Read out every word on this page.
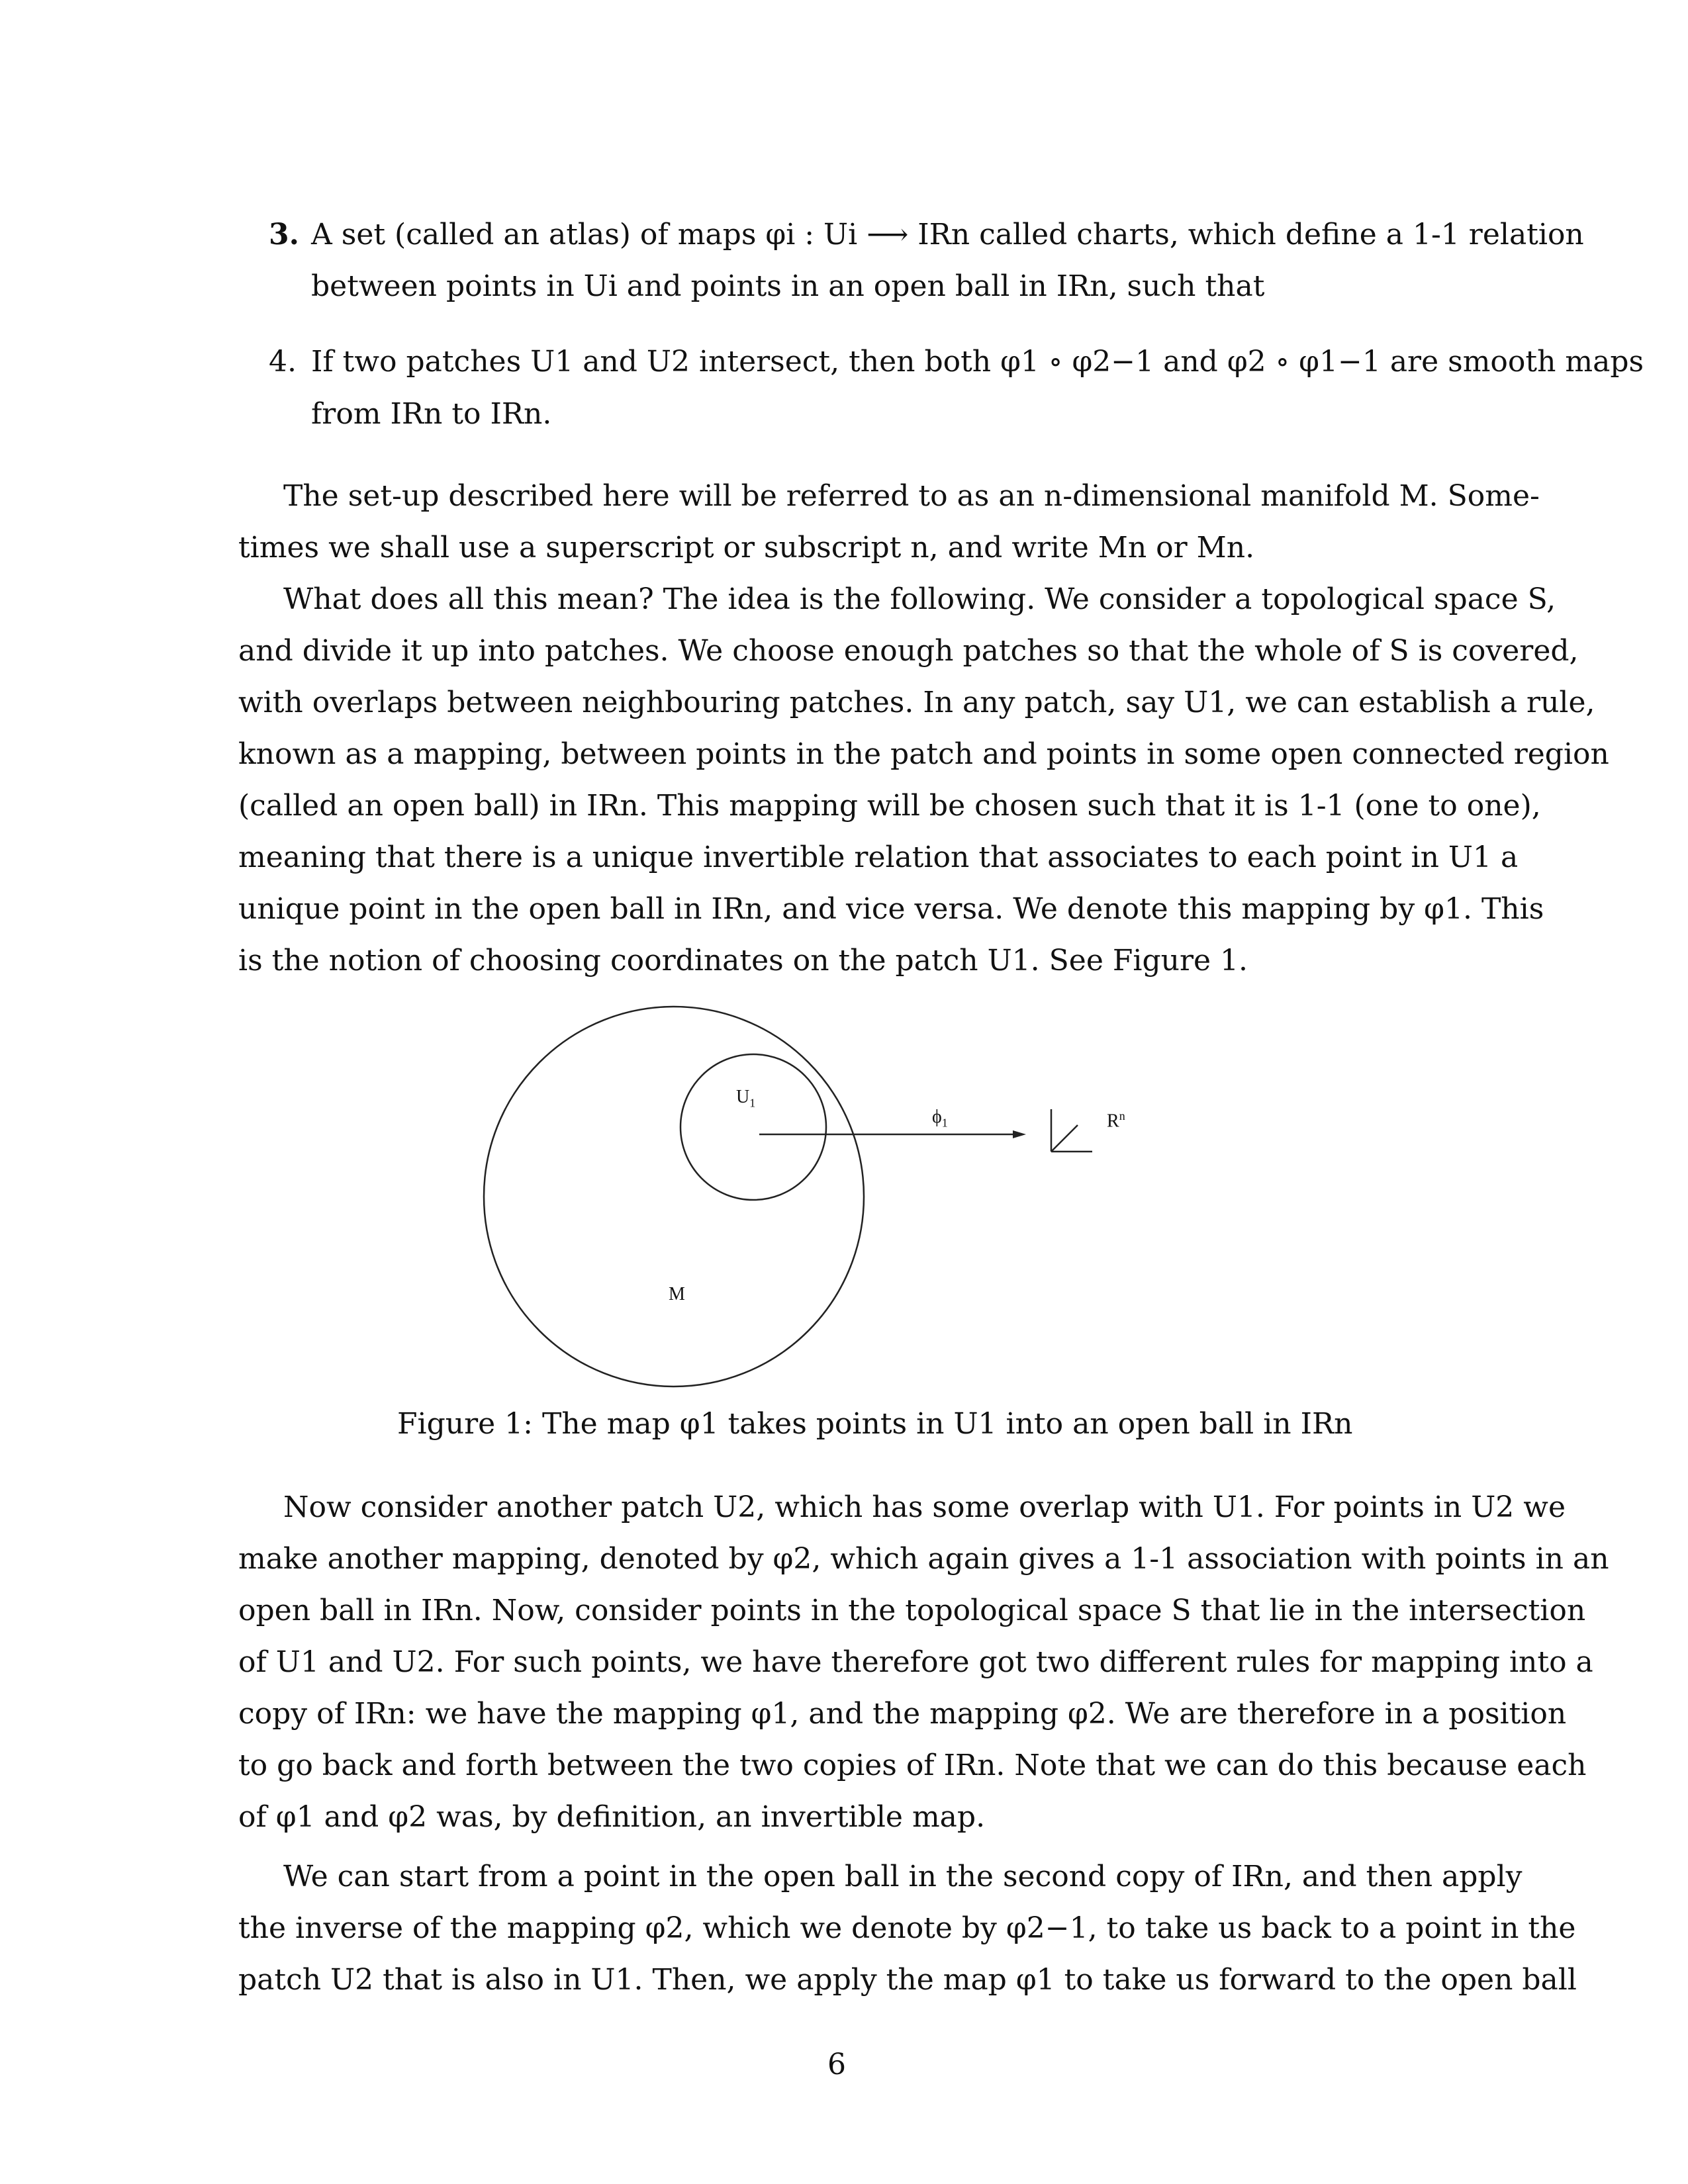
3. A set (called an atlas) of maps φi : Ui ⟶ IRn called charts, which define a 1-1 relation
between points in Ui and points in an open ball in IRn, such that
4. If two patches U1 and U2 intersect, then both φ1 ∘ φ2−1 and φ2 ∘ φ1−1 are smooth maps
from IRn to IRn.
The set-up described here will be referred to as an n-dimensional manifold M. Some-
times we shall use a superscript or subscript n, and write Mn or Mn.
What does all this mean? The idea is the following. We consider a topological space S,
and divide it up into patches. We choose enough patches so that the whole of S is covered,
with overlaps between neighbouring patches. In any patch, say U1, we can establish a rule,
known as a mapping, between points in the patch and points in some open connected region
(called an open ball) in IRn. This mapping will be chosen such that it is 1-1 (one to one),
meaning that there is a unique invertible relation that associates to each point in U1 a
unique point in the open ball in IRn, and vice versa. We denote this mapping by φ1. This
is the notion of choosing coordinates on the patch U1. See Figure 1.
$U_1$
$\phi_1$	$R^n$
M
Figure 1: The map φ1 takes points in U1 into an open ball in IRn
Now consider another patch U2, which has some overlap with U1. For points in U2 we
make another mapping, denoted by φ2, which again gives a 1-1 association with points in an
open ball in IRn. Now, consider points in the topological space S that lie in the intersection
of U1 and U2. For such points, we have therefore got two different rules for mapping into a
copy of IRn: we have the mapping φ1, and the mapping φ2. We are therefore in a position
to go back and forth between the two copies of IRn. Note that we can do this because each
of φ1 and φ2 was, by definition, an invertible map.
We can start from a point in the open ball in the second copy of IRn, and then apply
the inverse of the mapping φ2, which we denote by φ2−1, to take us back to a point in the
patch U2 that is also in U1. Then, we apply the map φ1 to take us forward to the open ball
6
